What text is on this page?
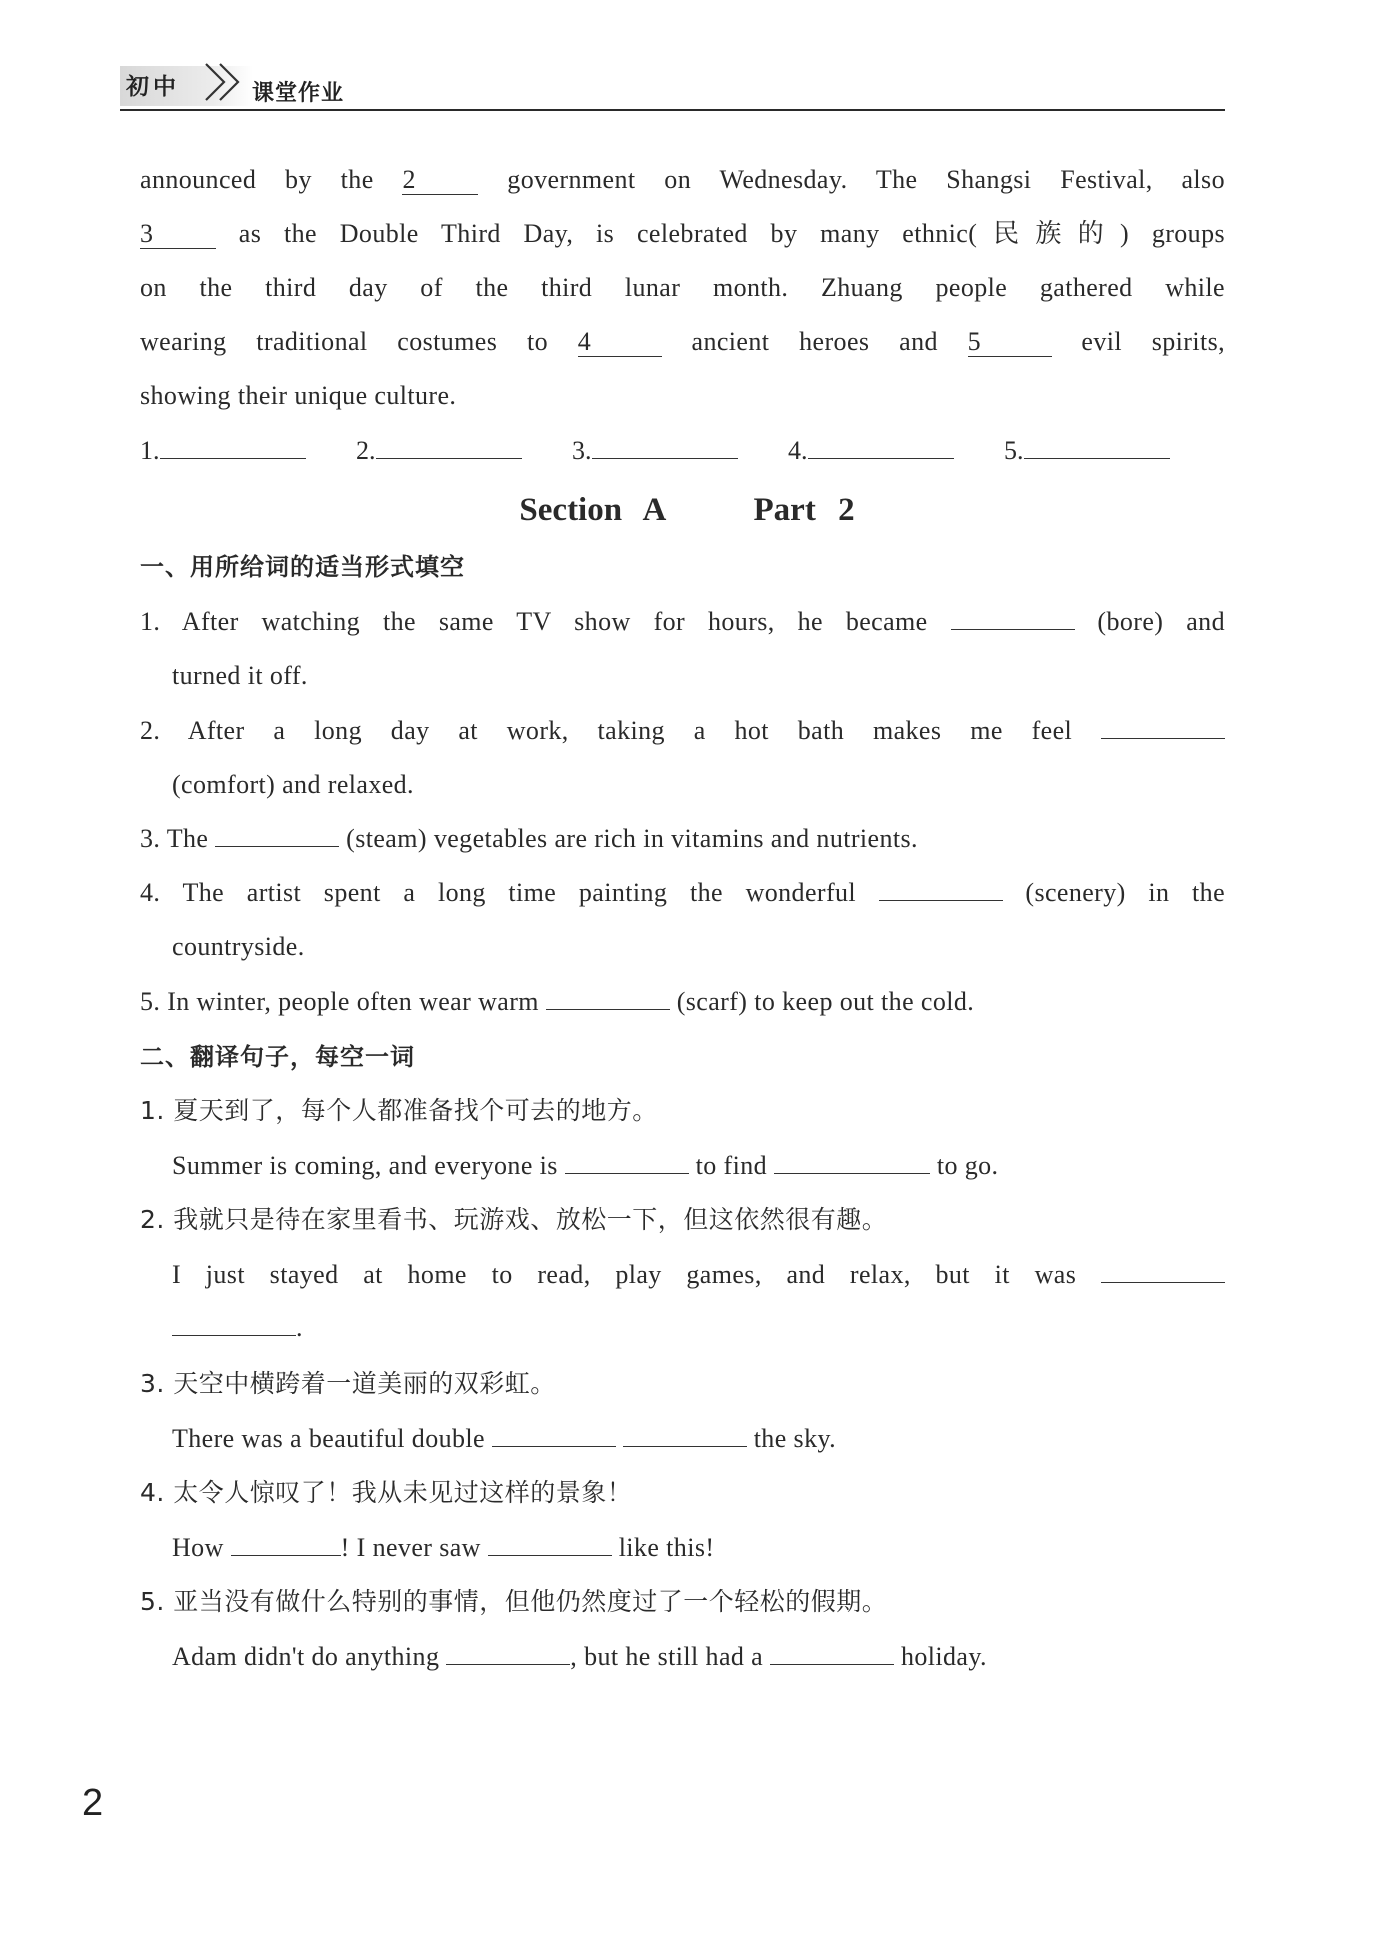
初中	课堂作业
announced by the 2	government on Wednesday. The Shangsi Festival, also
3	as the Double Third Day, is celebrated by many ethnic(民族的) groups
on the third day of the third lunar month. Zhuang people gathered while
wearing traditional costumes to 4	ancient heroes and 5	evil spirits,
showing their unique culture.
1.	2.	3.	4.	5.
Section A    Part 2
一、用所给词的适当形式填空
1. After watching the same TV show for hours, he became	(bore) and
turned it off.
2. After a long day at work, taking a hot bath makes me feel
(comfort) and relaxed.
3. The	(steam) vegetables are rich in vitamins and nutrients.
4. The artist spent a long time painting the wonderful	(scenery) in the
countryside.
5. In winter, people often wear warm	(scarf) to keep out the cold.
二、翻译句子，每空一词
1. 夏天到了，每个人都准备找个可去的地方。
Summer is coming, and everyone is	to find	to go.
2. 我就只是待在家里看书、玩游戏、放松一下，但这依然很有趣。
I just stayed at home to read, play games, and relax, but it was
.
3. 天空中横跨着一道美丽的双彩虹。
There was a beautiful double	the sky.
4. 太令人惊叹了！我从未见过这样的景象！
How	! I never saw	like this!
5. 亚当没有做什么特别的事情，但他仍然度过了一个轻松的假期。
Adam didn't do anything	, but he still had a	holiday.
2
